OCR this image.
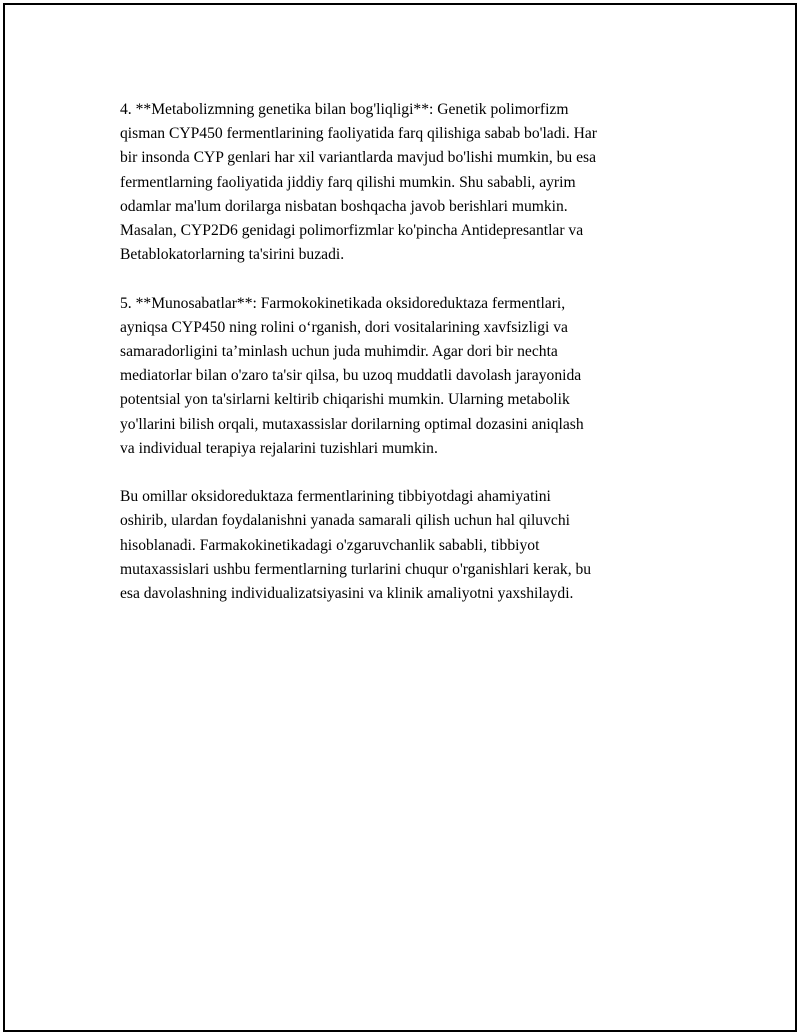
4. **Metabolizmning genetika bilan bog'liqligi**: Genetik polimorfizm
qisman CYP450 fermentlarining faoliyatida farq qilishiga sabab bo'ladi. Har
bir insonda CYP genlari har xil variantlarda mavjud bo'lishi mumkin, bu esa
fermentlarning faoliyatida jiddiy farq qilishi mumkin. Shu sababli, ayrim
odamlar ma'lum dorilarga nisbatan boshqacha javob berishlari mumkin.
Masalan, CYP2D6 genidagi polimorfizmlar ko'pincha Antidepresantlar va
Betablokatorlarning ta'sirini buzadi.

5. **Munosabatlar**: Farmokokinetikada oksidoreduktaza fermentlari,
ayniqsa CYP450 ning rolini o‘rganish, dori vositalarining xavfsizligi va
samaradorligini ta’minlash uchun juda muhimdir. Agar dori bir nechta
mediatorlar bilan o'zaro ta'sir qilsa, bu uzoq muddatli davolash jarayonida
potentsial yon ta'sirlarni keltirib chiqarishi mumkin. Ularning metabolik
yo'llarini bilish orqali, mutaxassislar dorilarning optimal dozasini aniqlash
va individual terapiya rejalarini tuzishlari mumkin.

Bu omillar oksidoreduktaza fermentlarining tibbiyotdagi ahamiyatini
oshirib, ulardan foydalanishni yanada samarali qilish uchun hal qiluvchi
hisoblanadi. Farmakokinetikadagi o'zgaruvchanlik sababli, tibbiyot
mutaxassislari ushbu fermentlarning turlarini chuqur o'rganishlari kerak, bu
esa davolashning individualizatsiyasini va klinik amaliyotni yaxshilaydi.
